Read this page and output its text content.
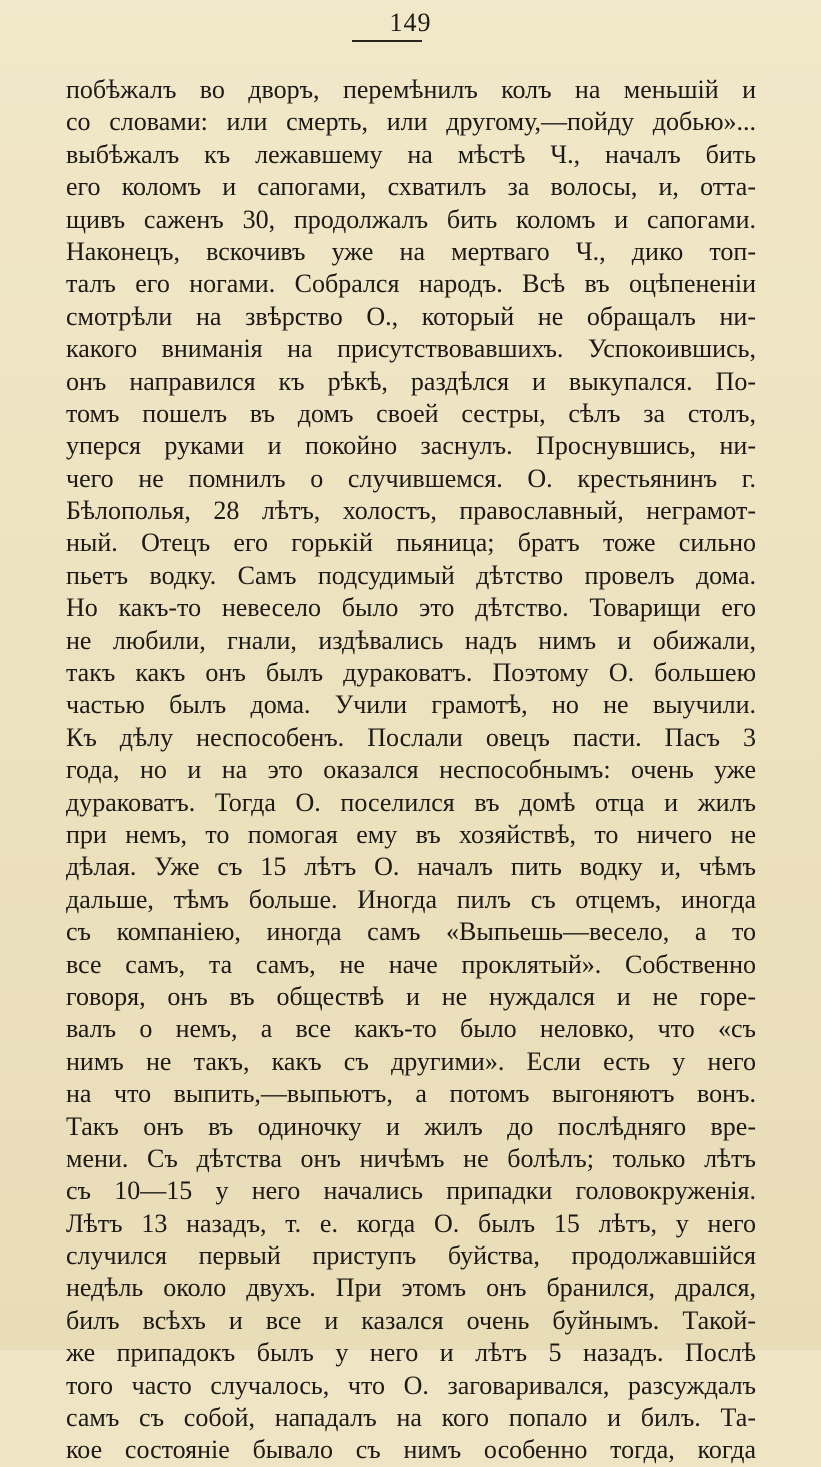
149
побѣжалъ во дворъ, перемѣнилъ колъ на меньшій и
со словами: или смерть, или другому,—пойду добью»...
выбѣжалъ къ лежавшему на мѣстѣ Ч., началъ бить
его коломъ и сапогами, схватилъ за волосы, и, отта-
щивъ саженъ 30, продолжалъ бить коломъ и сапогами.
Наконецъ, вскочивъ уже на мертваго Ч., дико топ-
талъ его ногами. Собрался народъ. Всѣ въ оцѣпененіи
смотрѣли на звѣрство О., который не обращалъ ни-
какого вниманія на присутствовавшихъ. Успокоившись,
онъ направился къ рѣкѣ, раздѣлся и выкупался. По-
томъ пошелъ въ домъ своей сестры, сѣлъ за столъ,
уперся руками и покойно заснулъ. Проснувшись, ни-
чего не помнилъ о случившемся. О. крестьянинъ г.
Бѣлополья, 28 лѣтъ, холостъ, православный, неграмот-
ный. Отецъ его горькій пьяница; братъ тоже сильно
пьетъ водку. Самъ подсудимый дѣтство провелъ дома.
Но какъ-то невесело было это дѣтство. Товарищи его
не любили, гнали, издѣвались надъ нимъ и обижали,
такъ какъ онъ былъ дураковатъ. Поэтому О. большею
частью былъ дома. Учили грамотѣ, но не выучили.
Къ дѣлу неспособенъ. Послали овецъ пасти. Пасъ 3
года, но и на это оказался неспособнымъ: очень уже
дураковатъ. Тогда О. поселился въ домѣ отца и жилъ
при немъ, то помогая ему въ хозяйствѣ, то ничего не
дѣлая. Уже съ 15 лѣтъ О. началъ пить водку и, чѣмъ
дальше, тѣмъ больше. Иногда пилъ съ отцемъ, иногда
съ компаніею, иногда самъ «Выпьешь—весело, а то
все самъ, та самъ, не наче проклятый». Собственно
говоря, онъ въ обществѣ и не нуждался и не горе-
валъ о немъ, а все какъ-то было неловко, что «съ
нимъ не такъ, какъ съ другими». Если есть у него
на что выпить,—выпьютъ, а потомъ выгоняютъ вонъ.
Такъ онъ въ одиночку и жилъ до послѣдняго вре-
мени. Съ дѣтства онъ ничѣмъ не болѣлъ; только лѣтъ
съ 10—15 у него начались припадки головокруженія.
Лѣтъ 13 назадъ, т. е. когда О. былъ 15 лѣтъ, у него
случился первый приступъ буйства, продолжавшійся
недѣль около двухъ. При этомъ онъ бранился, дрался,
билъ всѣхъ и все и казался очень буйнымъ. Такой-
же припадокъ былъ у него и лѣтъ 5 назадъ. Послѣ
того часто случалось, что О. заговаривался, разсуждалъ
самъ съ собой, нападалъ на кого попало и билъ. Та-
кое состояніе бывало съ нимъ особенно тогда, когда
